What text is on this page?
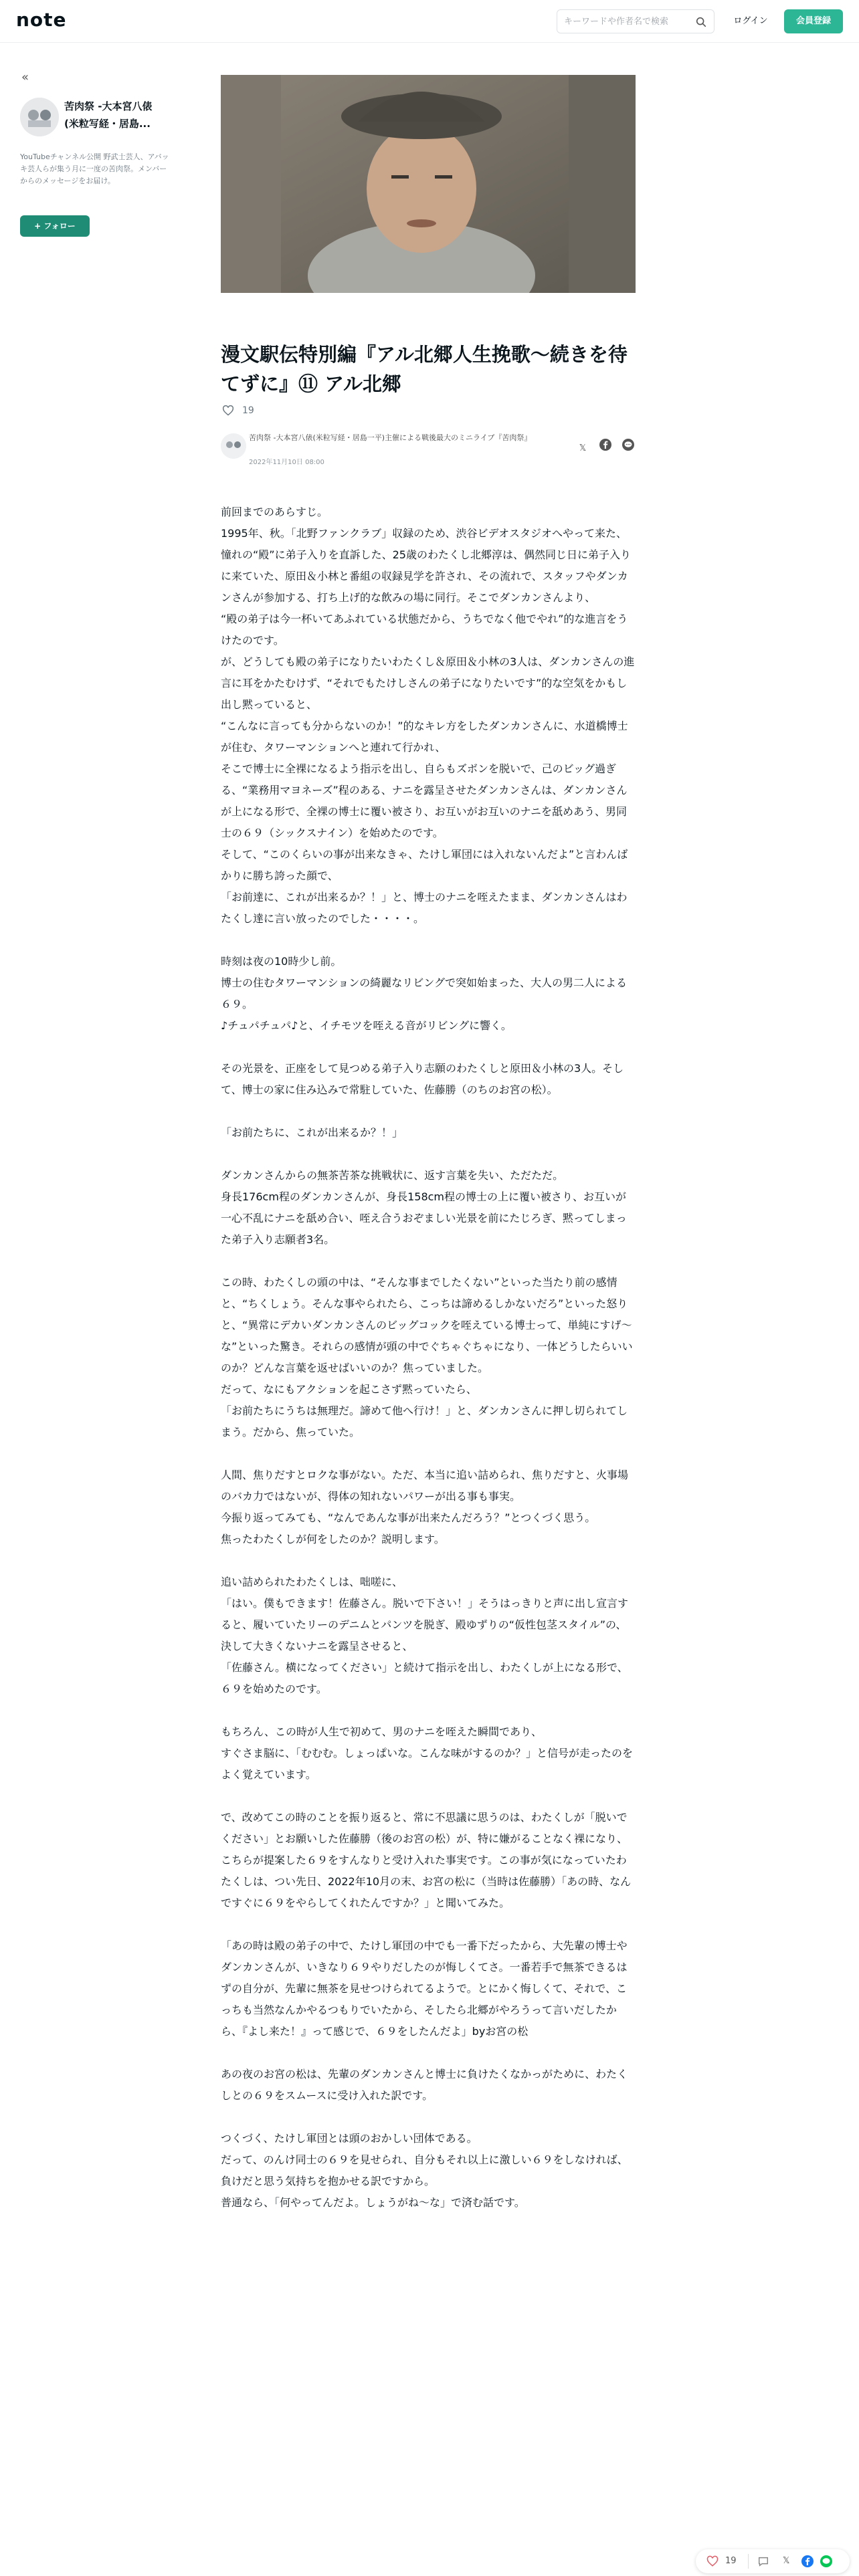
note
キーワードや作者名で検索	ログイン	会員登録
«
苦肉祭 -大本宮八俵(米粒写経・居島...
YouTubeチャンネル公開 野武士芸人、アバッキ芸人らが集う月に一度の苦肉祭。メンバーからのメッセージをお届け。
+ フォロー
漫文駅伝特別編『アル北郷人生挽歌〜続きを待てずに』⑪ アル北郷
19
苦肉祭 -大本宮八俵(米粒写経・居島一平)主催による戦後最大のミニライブ『苦肉祭』
2022年11月10日 08:00
𝕏

前回までのあらすじ。
1995年、秋。「北野ファンクラブ」収録のため、渋谷ビデオスタジオへやって来た、憧れの“殿”に弟子入りを直訴した、25歳のわたくし北郷淳は、偶然同じ日に弟子入りに来ていた、原田＆小林と番組の収録見学を許され、その流れで、スタッフやダンカンさんが参加する、打ち上げ的な飲みの場に同行。そこでダンカンさんより、
“殿の弟子は今一杯いてあふれている状態だから、うちでなく他でやれ”的な進言をうけたのです。
が、どうしても殿の弟子になりたいわたくし＆原田＆小林の3人は、ダンカンさんの進言に耳をかたむけず、“それでもたけしさんの弟子になりたいです”的な空気をかもし出し黙っていると、
“こんなに言っても分からないのか！”的なキレ方をしたダンカンさんに、水道橋博士が住む、タワーマンションへと連れて行かれ、
そこで博士に全裸になるよう指示を出し、自らもズボンを脱いで、己のビッグ過ぎる、“業務用マヨネーズ”程のある、ナニを露呈させたダンカンさんは、ダンカンさんが上になる形で、全裸の博士に覆い被さり、お互いがお互いのナニを舐めあう、男同士の６９（シックスナイン）を始めたのです。
そして、“このくらいの事が出来なきゃ、たけし軍団には入れないんだよ”と言わんばかりに勝ち誇った顔で、
「お前達に、これが出来るか？！」と、博士のナニを咥えたまま、ダンカンさんはわたくし達に言い放ったのでした・・・・。

時刻は夜の10時少し前。
博士の住むタワーマンションの綺麗なリビングで突如始まった、大人の男二人による６９。
♪チュパチュパ♪と、イチモツを咥える音がリビングに響く。

その光景を、正座をして見つめる弟子入り志願のわたくしと原田＆小林の3人。そして、博士の家に住み込みで常駐していた、佐藤勝（のちのお宮の松）。

「お前たちに、これが出来るか？！」

ダンカンさんからの無茶苦茶な挑戦状に、返す言葉を失い、ただただ。
身長176cm程のダンカンさんが、身長158cm程の博士の上に覆い被さり、お互いが一心不乱にナニを舐め合い、咥え合うおぞましい光景を前にたじろぎ、黙ってしまった弟子入り志願者3名。

この時、わたくしの頭の中は、“そんな事までしたくない”といった当たり前の感情と、“ちくしょう。そんな事やられたら、こっちは諦めるしかないだろ”といった怒りと、“異常にデカいダンカンさんのビッグコックを咥えている博士って、単純にすげ〜な”といった驚き。それらの感情が頭の中でぐちゃぐちゃになり、一体どうしたらいいのか？どんな言葉を返せばいいのか？焦っていました。
だって、なにもアクションを起こさず黙っていたら、
「お前たちにうちは無理だ。諦めて他へ行け！」と、ダンカンさんに押し切られてしまう。だから、焦っていた。

人間、焦りだすとロクな事がない。ただ、本当に追い詰められ、焦りだすと、火事場のバカ力ではないが、得体の知れないパワーが出る事も事実。
今振り返ってみても、“なんであんな事が出来たんだろう？”とつくづく思う。
焦ったわたくしが何をしたのか？説明します。

追い詰められたわたくしは、咄嗟に、
「はい。僕もできます！佐藤さん。脱いで下さい！」そうはっきりと声に出し宣言すると、履いていたリーのデニムとパンツを脱ぎ、殿ゆずりの“仮性包茎スタイル”の、決して大きくないナニを露呈させると、
「佐藤さん。横になってください」と続けて指示を出し、わたくしが上になる形で、６９を始めたのです。

もちろん、この時が人生で初めて、男のナニを咥えた瞬間であり、
すぐさま脳に、「むむむ。しょっぱいな。こんな味がするのか？」と信号が走ったのをよく覚えています。

で、改めてこの時のことを振り返ると、常に不思議に思うのは、わたくしが「脱いでください」とお願いした佐藤勝（後のお宮の松）が、特に嫌がることなく裸になり、こちらが提案した６９をすんなりと受け入れた事実です。この事が気になっていたわたくしは、つい先日、2022年10月の末、お宮の松に（当時は佐藤勝）「あの時、なんですぐに６９をやらしてくれたんですか？」と聞いてみた。

「あの時は殿の弟子の中で、たけし軍団の中でも一番下だったから、大先輩の博士やダンカンさんが、いきなり６９やりだしたのが悔しくてさ。一番若手で無茶できるはずの自分が、先輩に無茶を見せつけられてるようで。とにかく悔しくて、それで、こっちも当然なんかやるつもりでいたから、そしたら北郷がやろうって言いだしたから、『よし来た！』って感じで、６９をしたんだよ」byお宮の松

あの夜のお宮の松は、先輩のダンカンさんと博士に負けたくなかっがために、わたくしとの６９をスムースに受け入れた訳です。

つくづく、たけし軍団とは頭のおかしい団体である。
だって、のんけ同士の６９を見せられ、自分もそれ以上に激しい６９をしなければ、負けだと思う気持ちを抱かせる訳ですから。
普通なら、「何やってんだよ。しょうがね〜な」で済む話です。

19	𝕏
